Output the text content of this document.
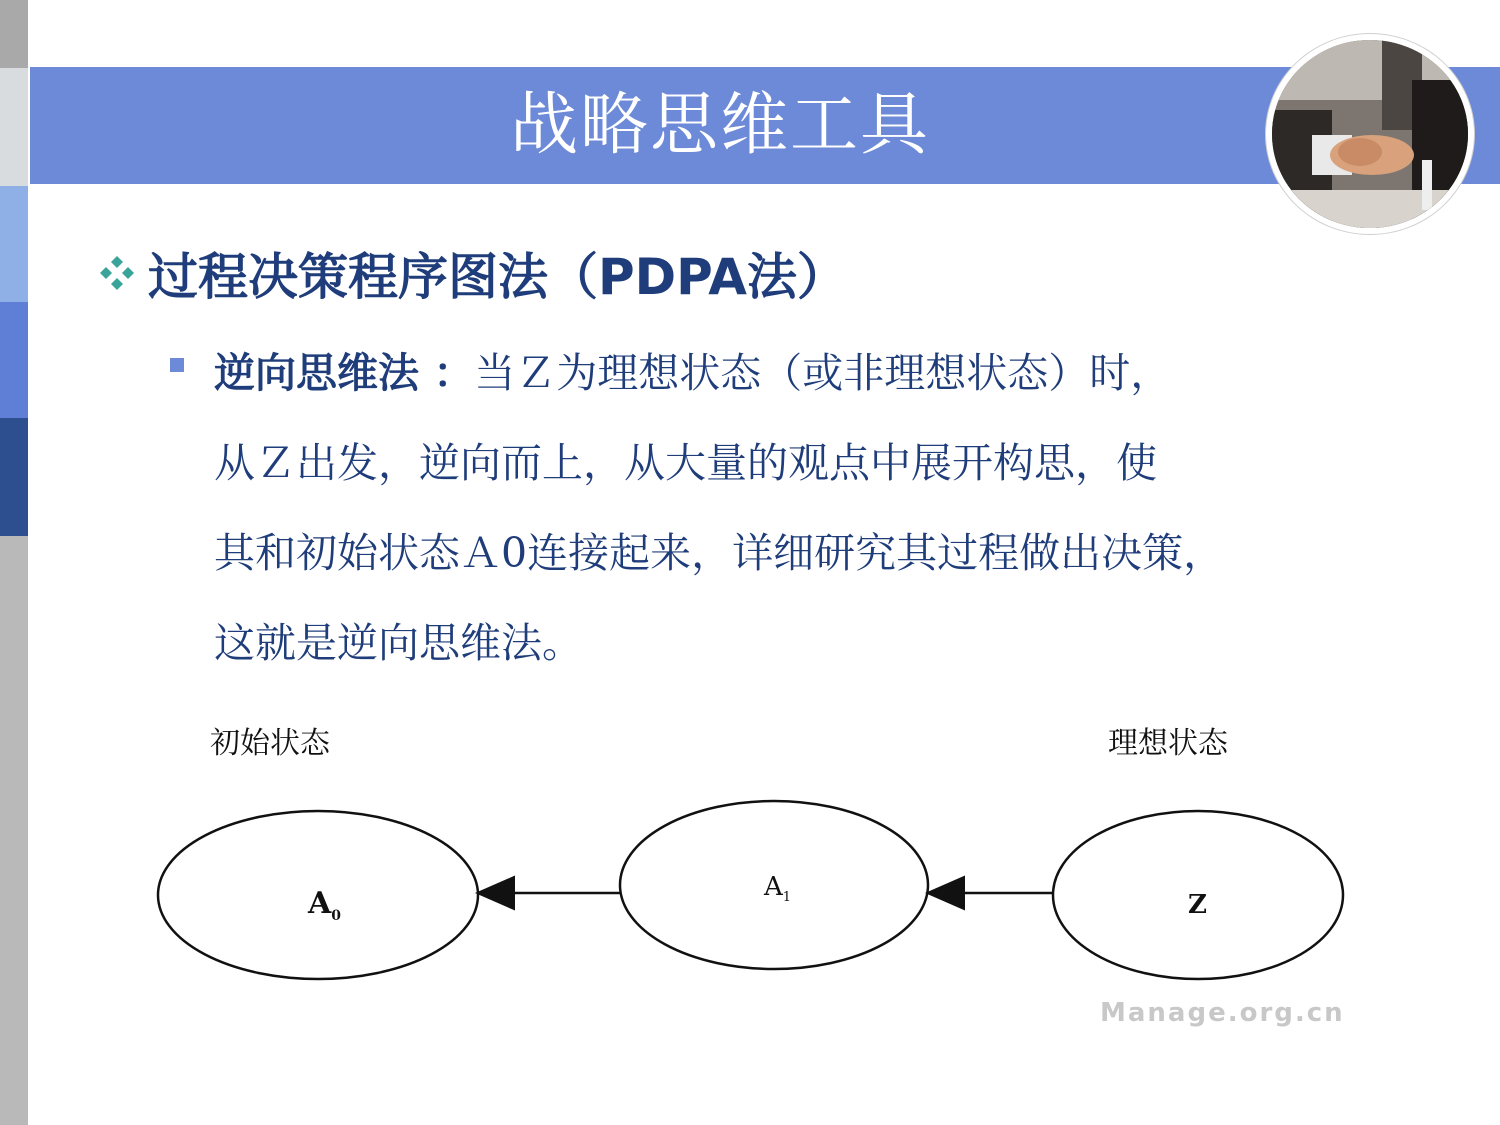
战略思维工具
过程决策程序图法（PDPA法）
逆向思维法 ：当Ｚ为理想状态（或非理想状态）时，
从Ｚ出发，逆向而上，从大量的观点中展开构思，使
其和初始状态Ａ0连接起来，详细研究其过程做出决策，
这就是逆向思维法。
初始状态	理想状态
$A_0$
$A_1$	Z
Manage.org.cn
